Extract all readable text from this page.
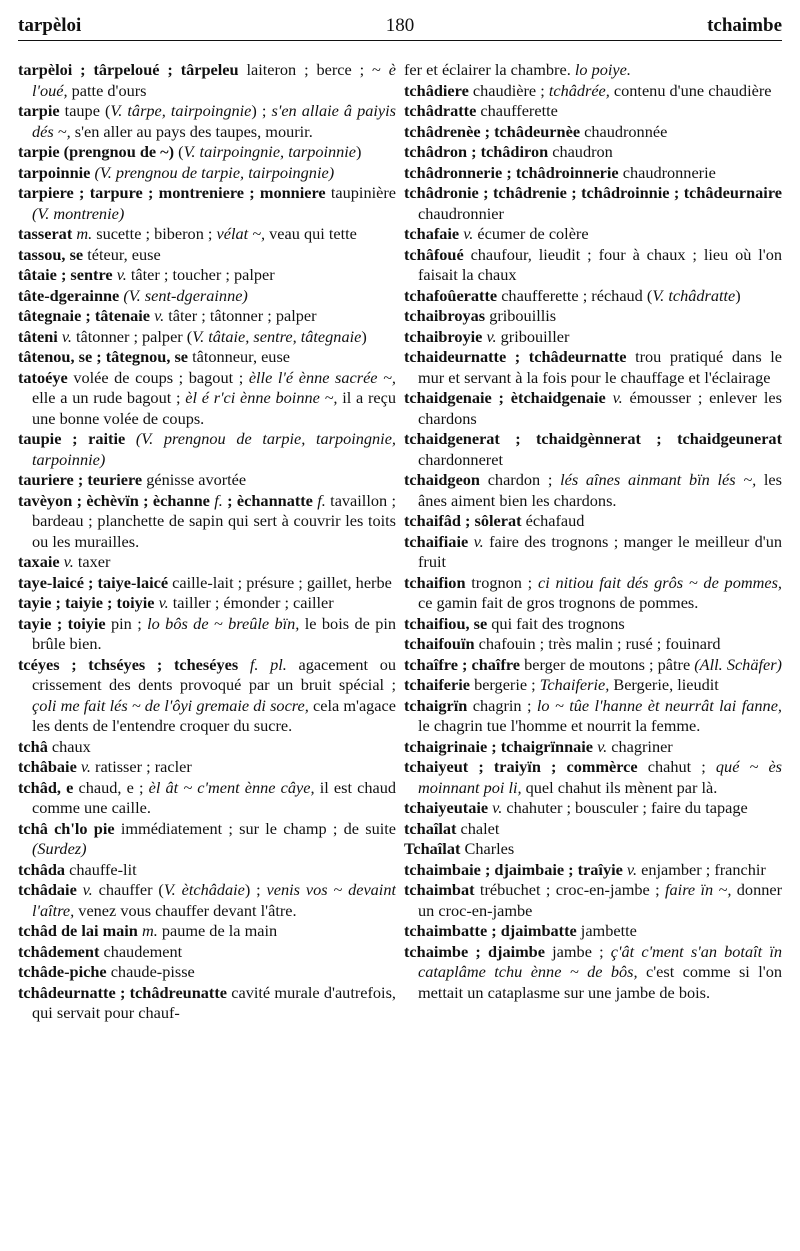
tarpèloi	180	tchaimbe

tarpèloi ; târpeloué ; târpeleu laiteron ; berce ; ~ è l'oué, patte d'ours

tarpie taupe (V. târpe, tairpoingnie) ; s'en allaie â paiyis dés ~, s'en aller au pays des taupes, mourir.

tarpie (prengnou de ~) (V. tairpoingnie, tarpoinnie)

tarpoinnie (V. prengnou de tarpie, tairpoingnie)

tarpiere ; tarpure ; montreniere ; monniere taupinière (V. montrenie)

tasserat m. sucette ; biberon ; vélat ~, veau qui tette

tassou, se téteur, euse

tâtaie ; sentre v. tâter ; toucher ; palper

tâte-dgerainne (V. sent-dgerainne)

tâtegnaie ; tâtenaie v. tâter ; tâtonner ; palper

tâteni v. tâtonner ; palper (V. tâtaie, sentre, tâtegnaie)

tâtenou, se ; tâtegnou, se tâtonneur, euse

tatoéye volée de coups ; bagout ; èlle l'é ènne sacrée ~, elle a un rude bagout ; èl é r'ci ènne boinne ~, il a reçu une bonne volée de coups.

taupie ; raitie (V. prengnou de tarpie, tarpoingnie, tarpoinnie)

tauriere ; teuriere génisse avortée

tavèyon ; èchèvïn ; èchanne f. ; èchannatte f. tavaillon ; bardeau ; planchette de sapin qui sert à couvrir les toits ou les murailles.

taxaie v. taxer

taye-laicé ; taiye-laicé caille-lait ; présure ; gaillet, herbe

tayie ; taiyie ; toiyie v. tailler ; émonder ; cailler

tayie ; toiyie pin ; lo bôs de ~ breûle bïn, le bois de pin brûle bien.

tcéyes ; tchséyes ; tcheséyes f. pl. agacement ou crissement des dents provoqué par un bruit spécial ; çoli me fait lés ~ de l'ôyi gremaie di socre, cela m'agace les dents de l'entendre croquer du sucre.

tchâ chaux

tchâbaie v. ratisser ; racler

tchâd, e chaud, e ; èl ât ~ c'ment ènne câye, il est chaud comme une caille.

tchâ ch'lo pie immédiatement ; sur le champ ; de suite (Surdez)

tchâda chauffe-lit

tchâdaie v. chauffer (V. ètchâdaie) ; venis vos ~ devaint l'aître, venez vous chauffer devant l'âtre.

tchâd de lai main m. paume de la main

tchâdement chaudement

tchâde-piche chaude-pisse

tchâdeurnatte ; tchâdreunatte cavité murale d'autrefois, qui servait pour chauf-

fer et éclairer la chambre. lo poiye.

tchâdiere chaudière ; tchâdrée, contenu d'une chaudière

tchâdratte chaufferette

tchâdrenèe ; tchâdeurnèe chaudronnée

tchâdron ; tchâdiron chaudron

tchâdronnerie ; tchâdroinnerie chaudronnerie

tchâdronie ; tchâdrenie ; tchâdroinnie ; tchâdeurnaire chaudronnier

tchafaie v. écumer de colère

tchâfoué chaufour, lieudit ; four à chaux ; lieu où l'on faisait la chaux

tchafoûeratte chaufferette ; réchaud (V. tchâdratte)

tchaibroyas gribouillis

tchaibroyie v. gribouiller

tchaideurnatte ; tchâdeurnatte trou pratiqué dans le mur et servant à la fois pour le chauffage et l'éclairage

tchaidgenaie ; ètchaidgenaie v. émousser ; enlever les chardons

tchaidgenerat ; tchaidgènnerat ; tchaidgeunerat chardonneret

tchaidgeon chardon ; lés aînes ainmant bïn lés ~, les ânes aiment bien les chardons.

tchaifâd ; sôlerat échafaud

tchaifiaie v. faire des trognons ; manger le meilleur d'un fruit

tchaifion trognon ; ci nitiou fait dés grôs ~ de pommes, ce gamin fait de gros trognons de pommes.

tchaifiou, se qui fait des trognons

tchaifouïn chafouin ; très malin ; rusé ; fouinard

tchaîfre ; chaîfre berger de moutons ; pâtre (All. Schäfer)

tchaiferie bergerie ; Tchaiferie, Bergerie, lieudit

tchaigrïn chagrin ; lo ~ tûe l'hanne èt neurrât lai fanne, le chagrin tue l'homme et nourrit la femme.

tchaigrinaie ; tchaigrïnnaie v. chagriner

tchaiyeut ; traiyïn ; commèrce chahut ; qué ~ ès moinnant poi li, quel chahut ils mènent par là.

tchaiyeutaie v. chahuter ; bousculer ; faire du tapage

tchaîlat chalet

Tchaîlat Charles

tchaimbaie ; djaimbaie ; traîyie v. enjamber ; franchir

tchaimbat trébuchet ; croc-en-jambe ; faire ïn ~, donner un croc-en-jambe

tchaimbatte ; djaimbatte jambette

tchaimbe ; djaimbe jambe ; ç'ât c'ment s'an botaît ïn cataplâme tchu ènne ~ de bôs, c'est comme si l'on mettait un cataplasme sur une jambe de bois.
